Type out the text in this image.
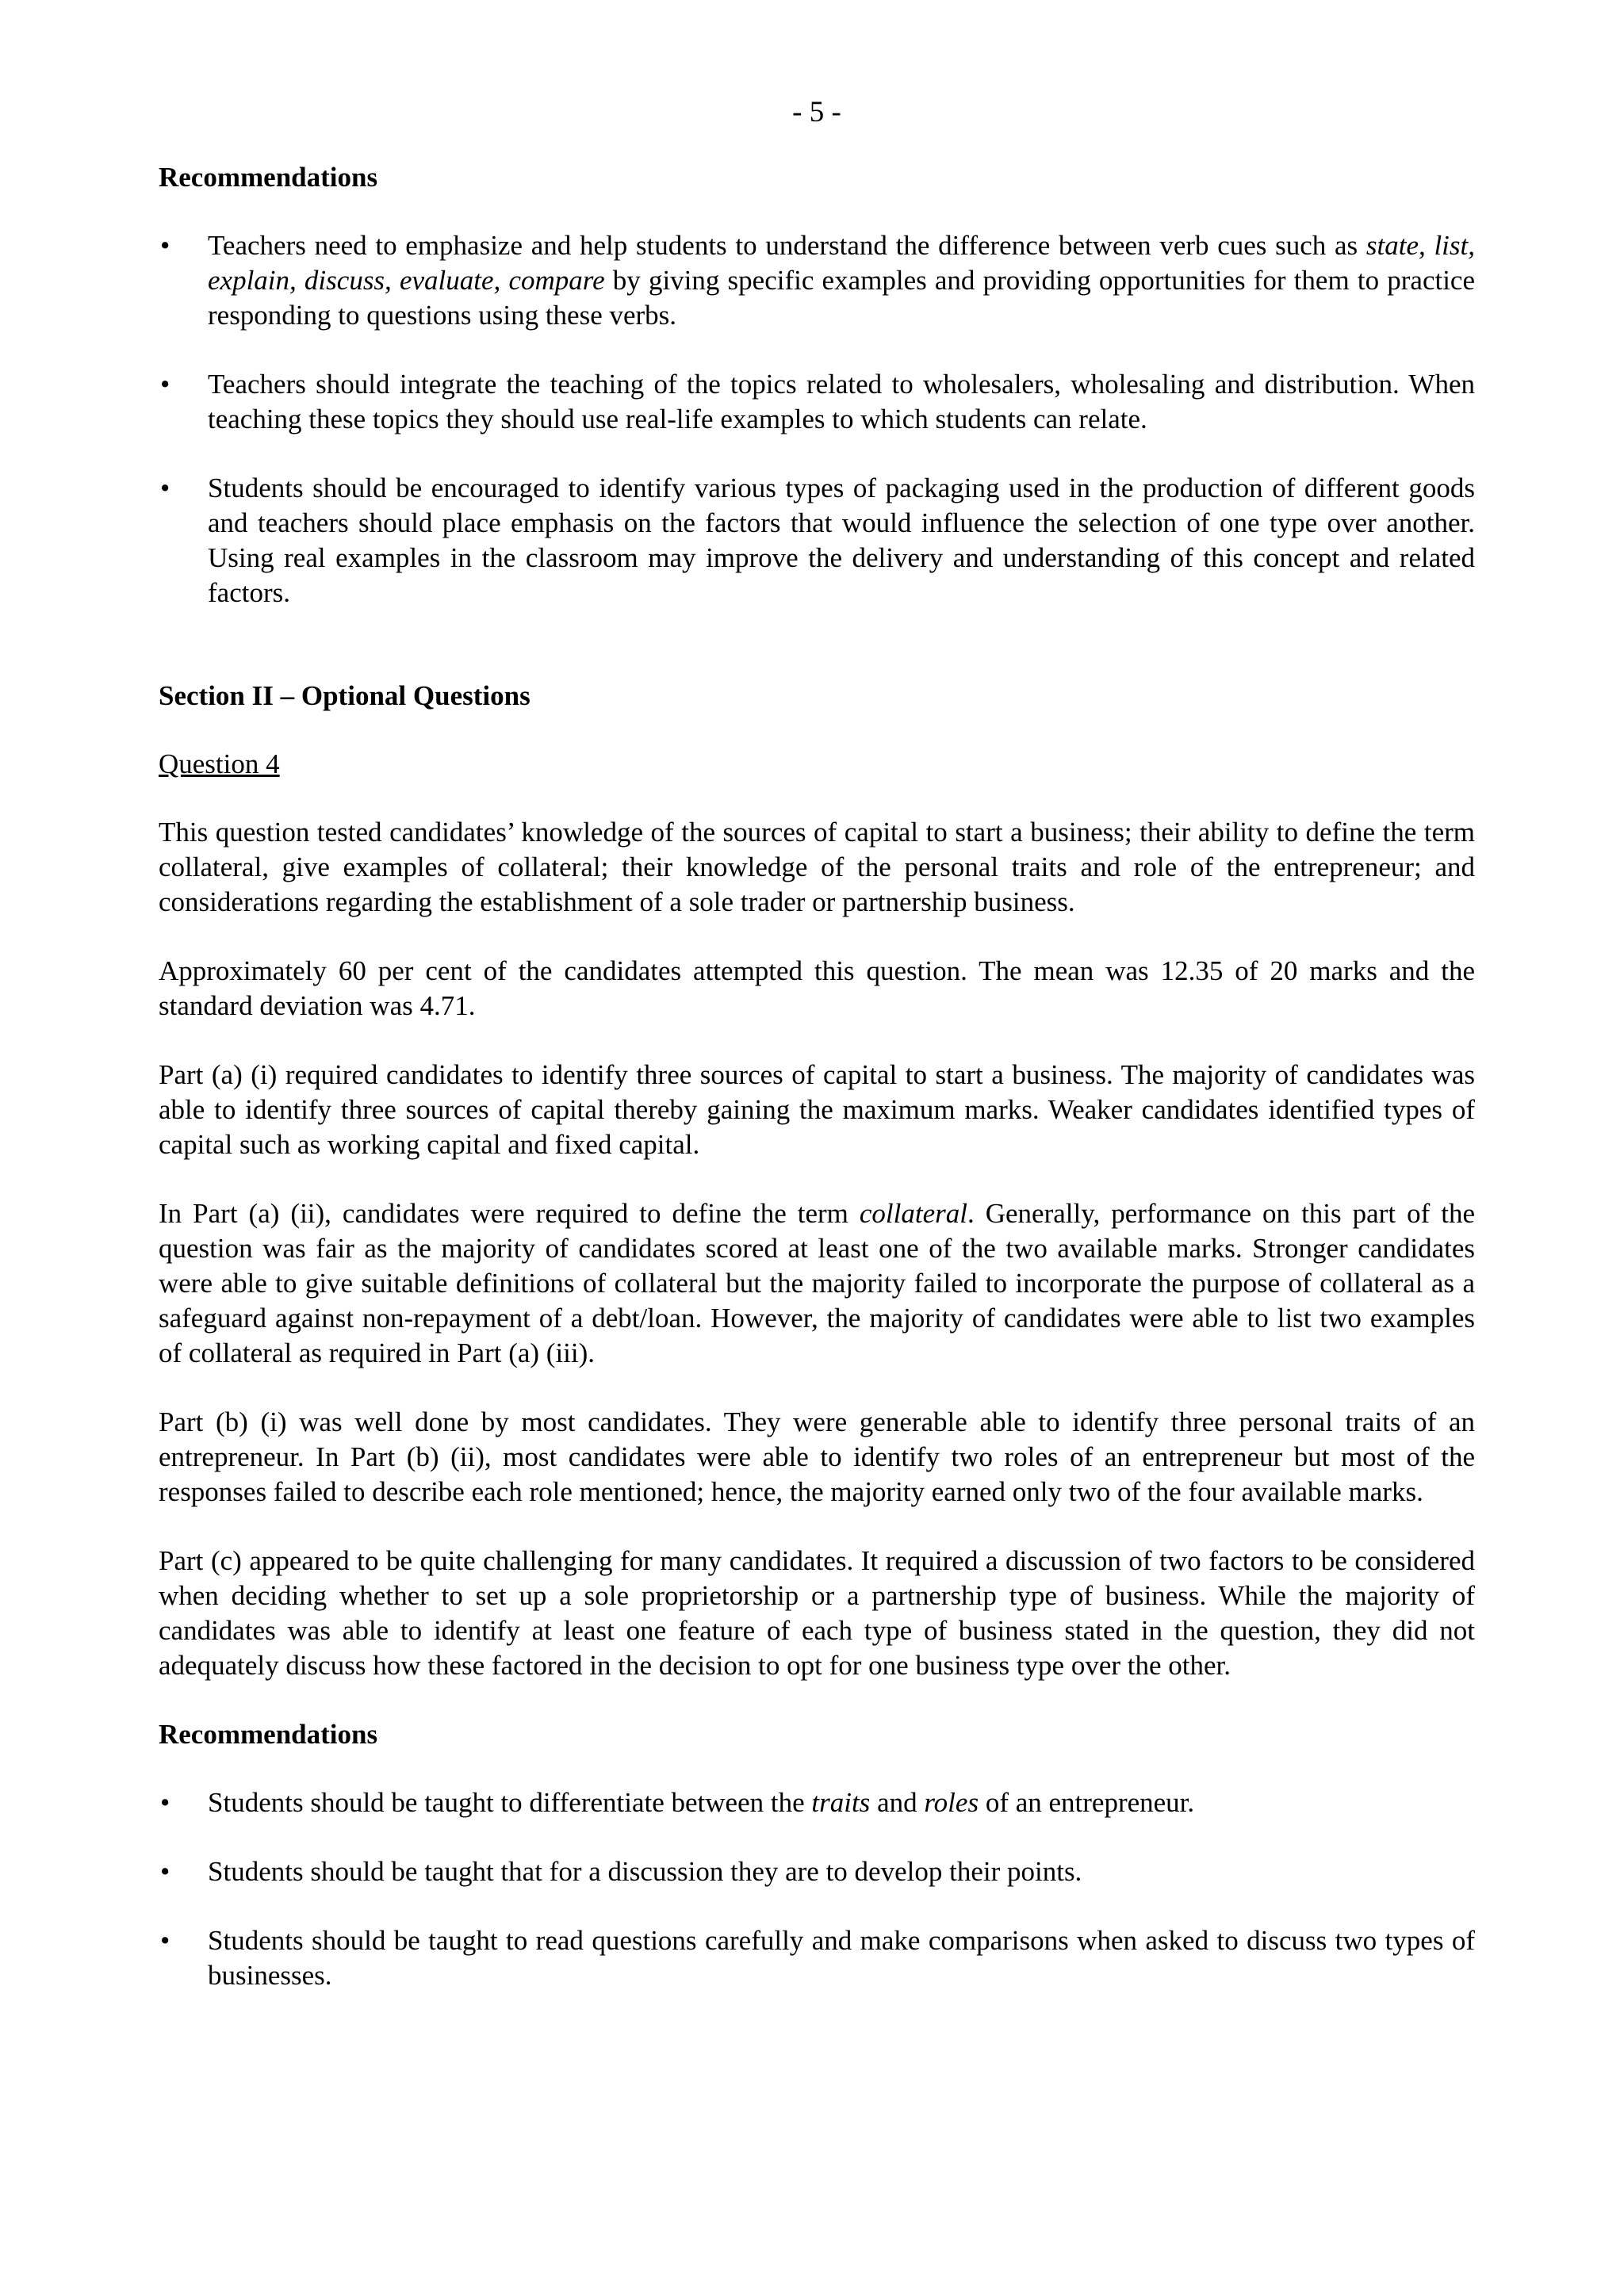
- 5 -
Recommendations
• Teachers need to emphasize and help students to understand the difference between verb cues such as state, list, explain, discuss, evaluate, compare by giving specific examples and providing opportunities for them to practice responding to questions using these verbs.
• Teachers should integrate the teaching of the topics related to wholesalers, wholesaling and distribution. When teaching these topics they should use real-life examples to which students can relate.
• Students should be encouraged to identify various types of packaging used in the production of different goods and teachers should place emphasis on the factors that would influence the selection of one type over another. Using real examples in the classroom may improve the delivery and understanding of this concept and related factors.
Section II – Optional Questions
Question 4

This question tested candidates’ knowledge of the sources of capital to start a business; their ability to define the term collateral, give examples of collateral; their knowledge of the personal traits and role of the entrepreneur; and considerations regarding the establishment of a sole trader or partnership business.

Approximately 60 per cent of the candidates attempted this question. The mean was 12.35 of 20 marks and the standard deviation was 4.71.

Part (a) (i) required candidates to identify three sources of capital to start a business. The majority of candidates was able to identify three sources of capital thereby gaining the maximum marks. Weaker candidates identified types of capital such as working capital and fixed capital.

In Part (a) (ii), candidates were required to define the term collateral. Generally, performance on this part of the question was fair as the majority of candidates scored at least one of the two available marks. Stronger candidates were able to give suitable definitions of collateral but the majority failed to incorporate the purpose of collateral as a safeguard against non-repayment of a debt/loan. However, the majority of candidates were able to list two examples of collateral as required in Part (a) (iii).

Part (b) (i) was well done by most candidates. They were generable able to identify three personal traits of an entrepreneur. In Part (b) (ii), most candidates were able to identify two roles of an entrepreneur but most of the responses failed to describe each role mentioned; hence, the majority earned only two of the four available marks.

Part (c) appeared to be quite challenging for many candidates. It required a discussion of two factors to be considered when deciding whether to set up a sole proprietorship or a partnership type of business. While the majority of candidates was able to identify at least one feature of each type of business stated in the question, they did not adequately discuss how these factored in the decision to opt for one business type over the other.

Recommendations
• Students should be taught to differentiate between the traits and roles of an entrepreneur.
• Students should be taught that for a discussion they are to develop their points.
• Students should be taught to read questions carefully and make comparisons when asked to discuss two types of businesses.
